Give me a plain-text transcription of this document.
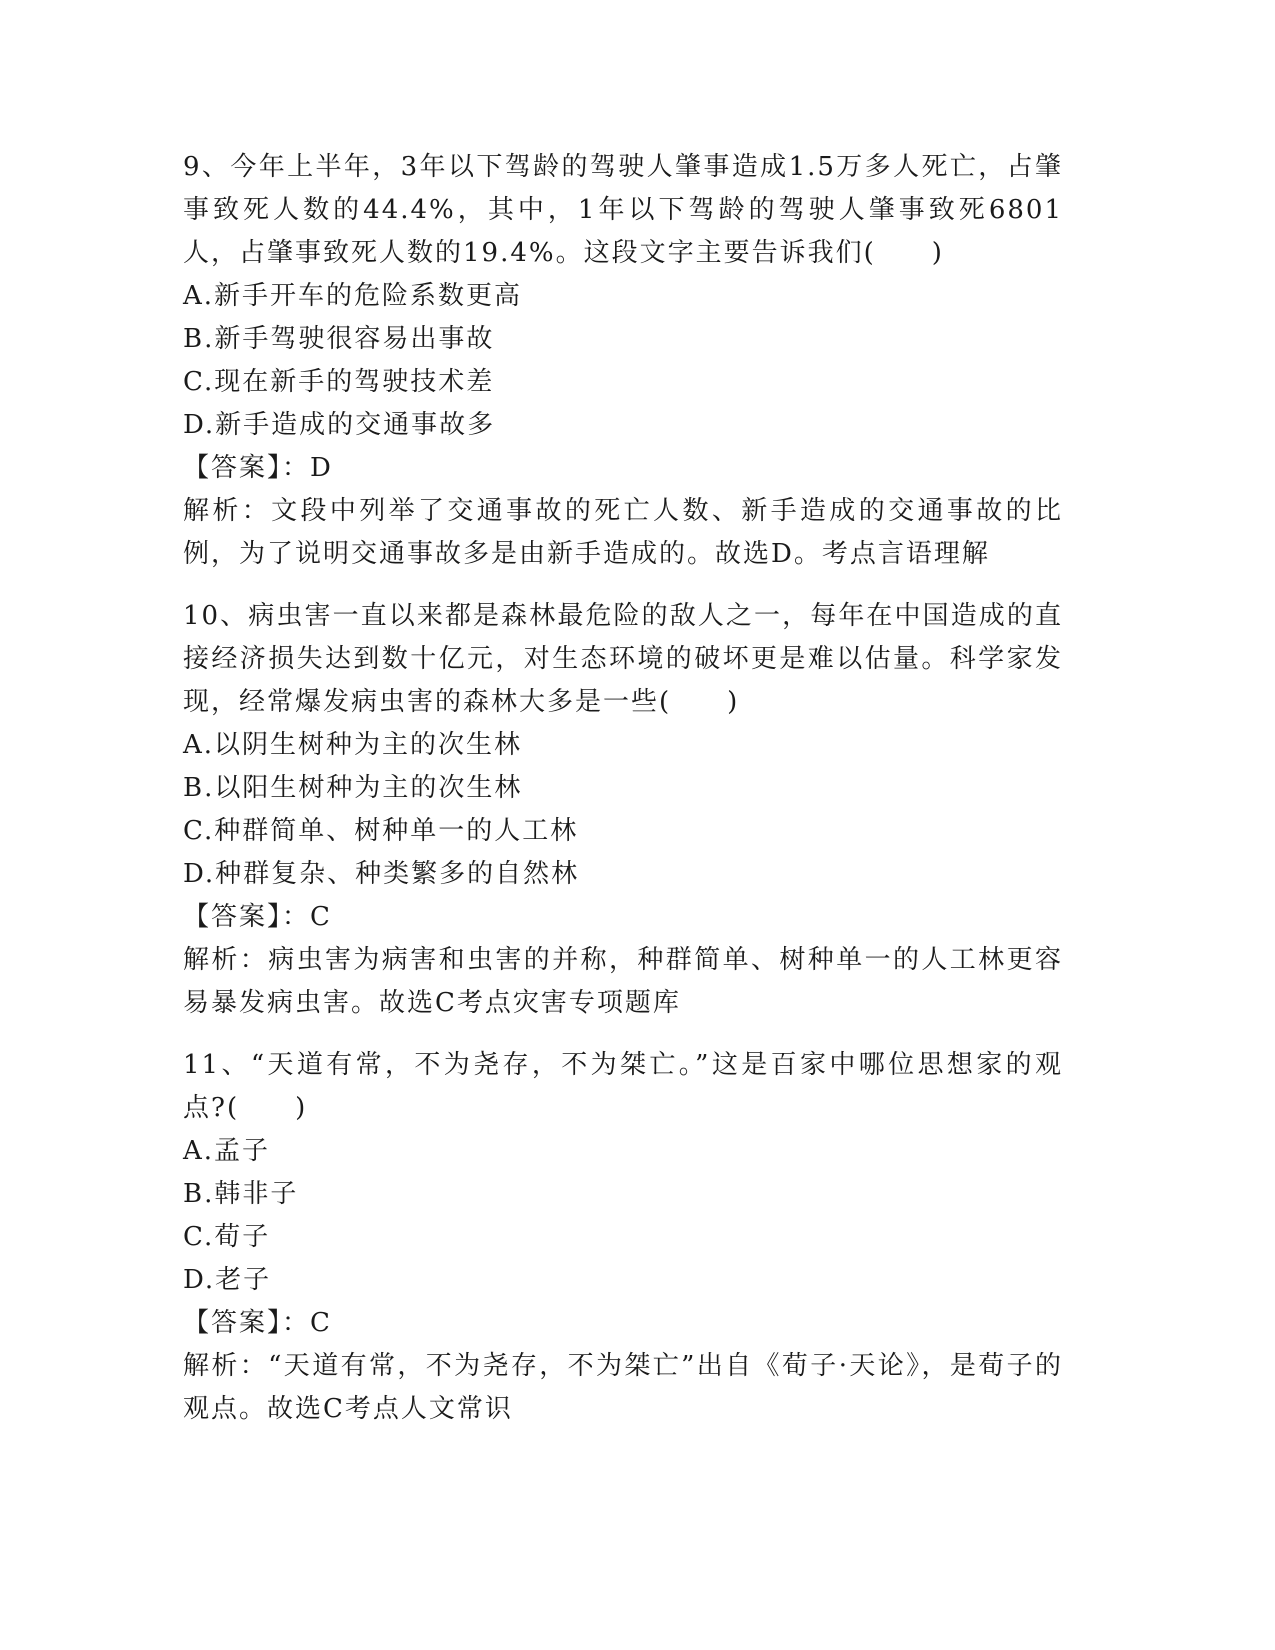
9、今年上半年，3年以下驾龄的驾驶人肇事造成1.5万多人死亡，占肇事致死人数的44.4%，其中，1年以下驾龄的驾驶人肇事致死6801人，占肇事致死人数的19.4%。这段文字主要告诉我们(　　)
A.新手开车的危险系数更高
B.新手驾驶很容易出事故
C.现在新手的驾驶技术差
D.新手造成的交通事故多
【答案】：D
解析：文段中列举了交通事故的死亡人数、新手造成的交通事故的比例，为了说明交通事故多是由新手造成的。故选D。考点言语理解
10、病虫害一直以来都是森林最危险的敌人之一，每年在中国造成的直接经济损失达到数十亿元，对生态环境的破坏更是难以估量。科学家发现，经常爆发病虫害的森林大多是一些(　　)
A.以阴生树种为主的次生林
B.以阳生树种为主的次生林
C.种群简单、树种单一的人工林
D.种群复杂、种类繁多的自然林
【答案】：C
解析：病虫害为病害和虫害的并称，种群简单、树种单一的人工林更容易暴发病虫害。故选C考点灾害专项题库
11、“天道有常，不为尧存，不为桀亡。”这是百家中哪位思想家的观点?(　　)
A.孟子
B.韩非子
C.荀子
D.老子
【答案】：C
解析：“天道有常，不为尧存，不为桀亡”出自《荀子·天论》，是荀子的观点。故选C考点人文常识
